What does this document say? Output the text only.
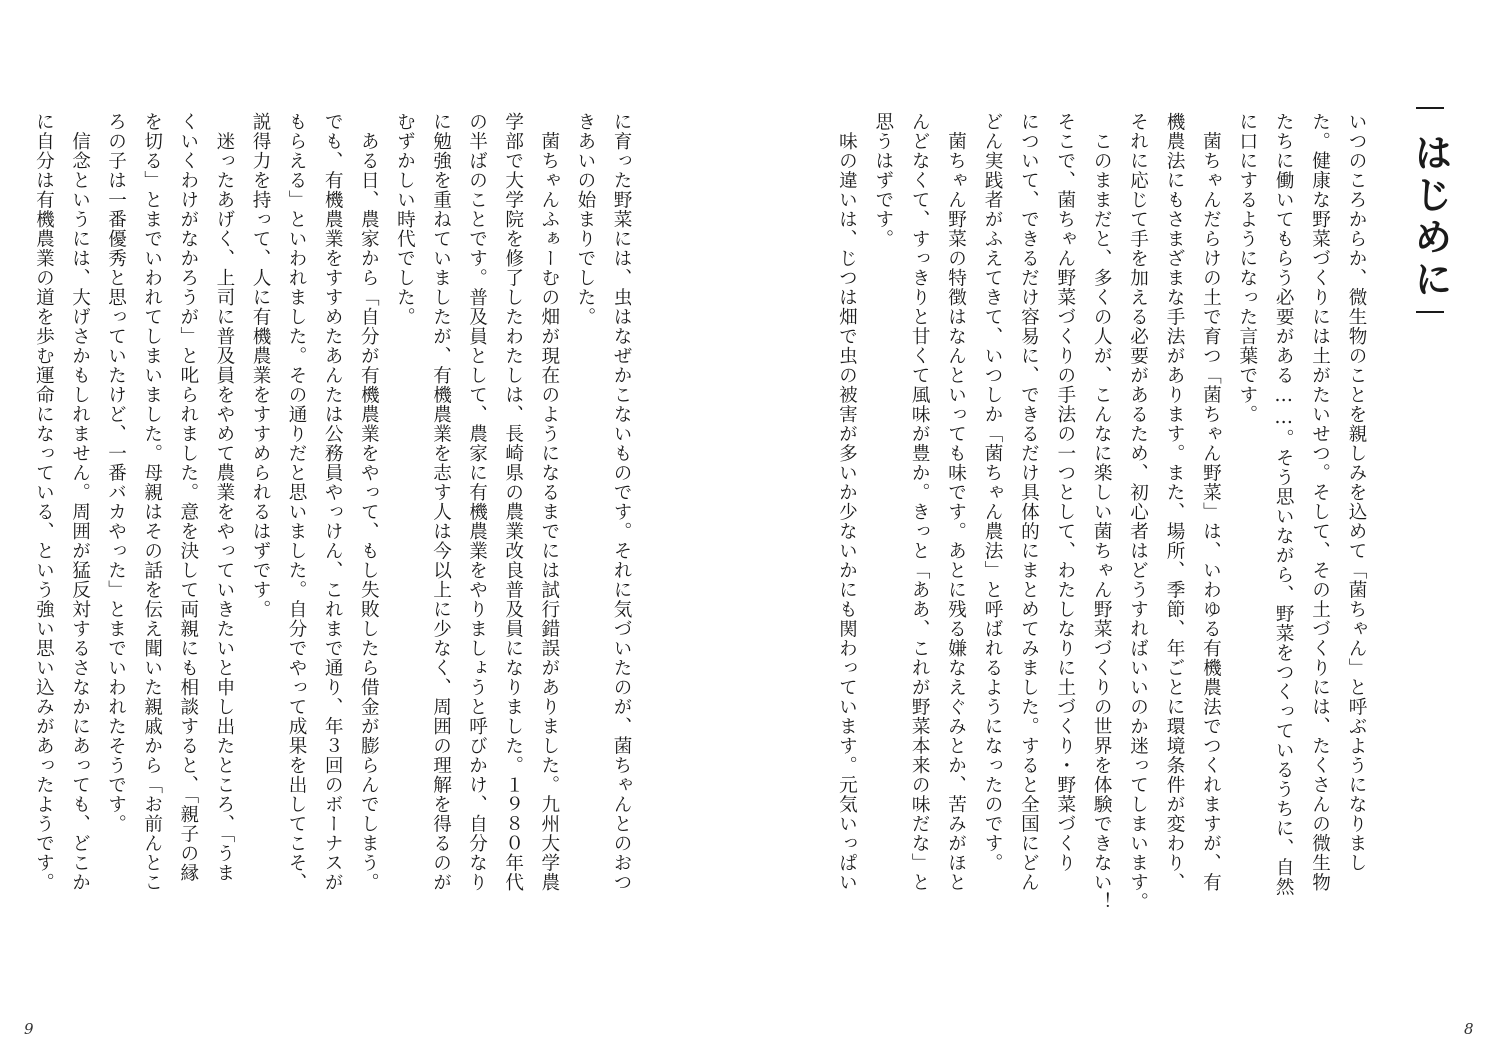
に育った野菜には、虫はなぜかこないものです。それに気づいたのが、菌ちゃんとのおつ
きあいの始まりでした。
　菌ちゃんふぁーむの畑が現在のようになるまでには試行錯誤がありました。九州大学農
学部で大学院を修了したわたしは、長崎県の農業改良普及員になりました。１９８０年代
の半ばのことです。普及員として、農家に有機農業をやりましょうと呼びかけ、自分なり
に勉強を重ねていましたが、有機農業を志す人は今以上に少なく、周囲の理解を得るのが
むずかしい時代でした。
　ある日、農家から「自分が有機農業をやって、もし失敗したら借金が膨らんでしまう。
でも、有機農業をすすめたあんたは公務員やっけん、これまで通り、年３回のボーナスが
もらえる」といわれました。その通りだと思いました。自分でやって成果を出してこそ、
説得力を持って、人に有機農業をすすめられるはずです。
　迷ったあげく、上司に普及員をやめて農業をやっていきたいと申し出たところ、「うま
くいくわけがなかろうが」と叱られました。意を決して両親にも相談すると、「親子の縁
を切る」とまでいわれてしまいました。母親はその話を伝え聞いた親戚から「お前んとこ
ろの子は一番優秀と思っていたけど、一番バカやった」とまでいわれたそうです。
　信念というには、大げさかもしれません。周囲が猛反対するさなかにあっても、どこか
に自分は有機農業の道を歩む運命になっている、という強い思い込みがあったようです。
9
いつのころからか、微生物のことを親しみを込めて「菌ちゃん」と呼ぶようになりまし
た。健康な野菜づくりには土がたいせつ。そして、その土づくりには、たくさんの微生物
たちに働いてもらう必要がある……。そう思いながら、野菜をつくっているうちに、自然
に口にするようになった言葉です。
　菌ちゃんだらけの土で育つ「菌ちゃん野菜」は、いわゆる有機農法でつくれますが、有
機農法にもさまざまな手法があります。また、場所、季節、年ごとに環境条件が変わり、
それに応じて手を加える必要があるため、初心者はどうすればいいのか迷ってしまいます。
　このままだと、多くの人が、こんなに楽しい菌ちゃん野菜づくりの世界を体験できない！
そこで、菌ちゃん野菜づくりの手法の一つとして、わたしなりに土づくり・野菜づくり
について、できるだけ容易に、できるだけ具体的にまとめてみました。すると全国にどん
どん実践者がふえてきて、いつしか「菌ちゃん農法」と呼ばれるようになったのです。
　菌ちゃん野菜の特徴はなんといっても味です。あとに残る嫌なえぐみとか、苦みがほと
んどなくて、すっきりと甘くて風味が豊か。きっと「ああ、これが野菜本来の味だな」と
思うはずです。
　味の違いは、じつは畑で虫の被害が多いか少ないかにも関わっています。元気いっぱい
8
はじめに
